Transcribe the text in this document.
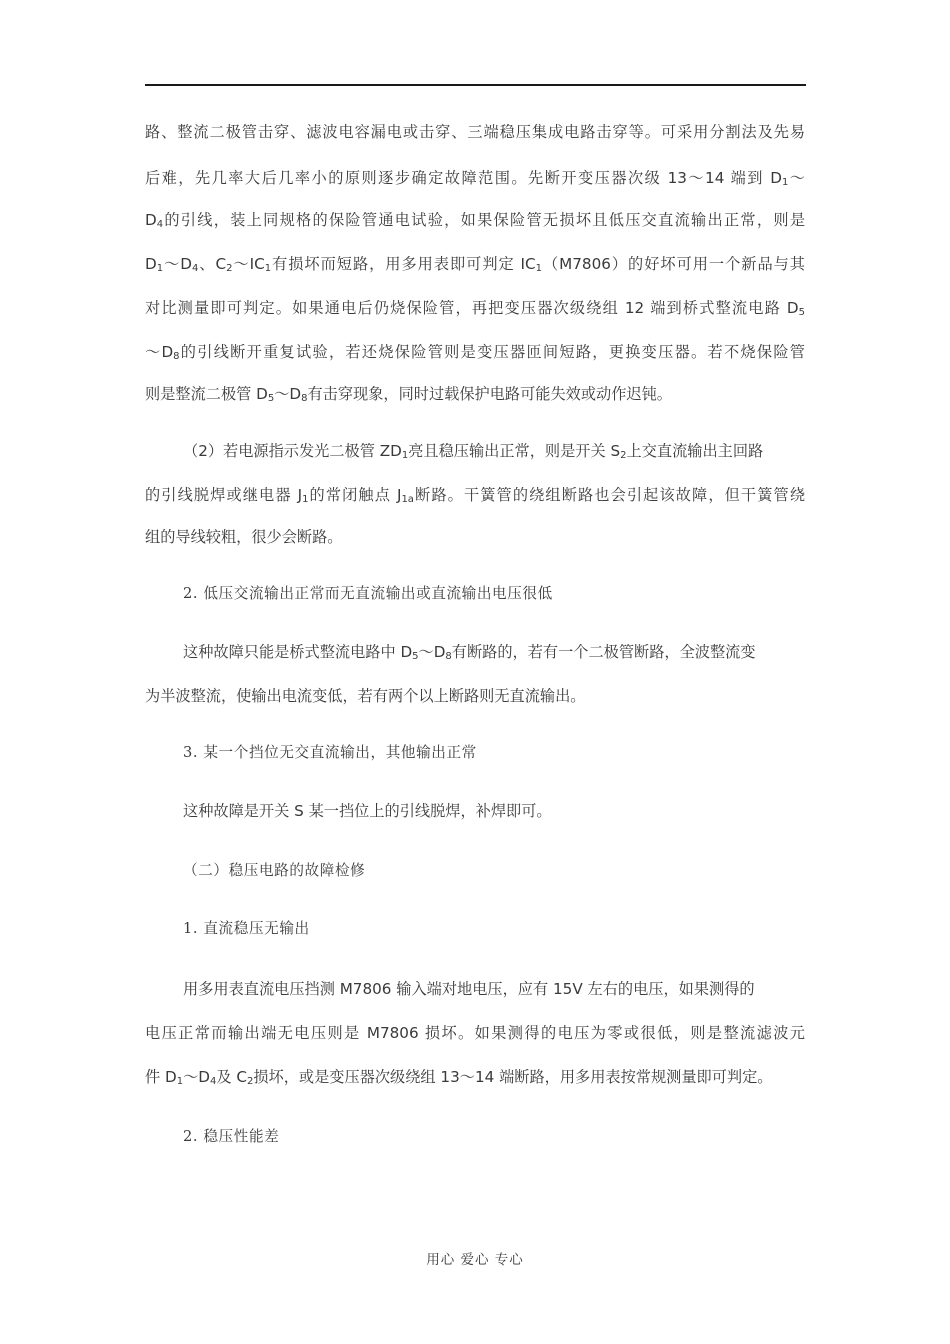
路、整流二极管击穿、滤波电容漏电或击穿、三端稳压集成电路击穿等。可采用分割法及先易
后难，先几率大后几率小的原则逐步确定故障范围。先断开变压器次级 13～14 端到 $D_1\sim$
$D_4$的引线，装上同规格的保险管通电试验，如果保险管无损坏且低压交直流输出正常，则是
$D_1\sim D_4$、$C_2\sim IC_1$有损坏而短路，用多用表即可判定 $IC_1(M7806)$的好坏可用一个新品与其
对比测量即可判定。如果通电后仍烧保险管，再把变压器次级绕组 12 端到桥式整流电路 $D_5$
$\sim D_8$的引线断开重复试验，若还烧保险管则是变压器匝间短路，更换变压器。若不烧保险管
则是整流二极管 $D_5\sim D_8$有击穿现象，同时过载保护电路可能失效或动作迟钝。
（2）若电源指示发光二极管 $ZD_1$亮且稳压输出正常，则是开关 $S_2$上交直流输出主回路
的引线脱焊或继电器 $J_1$的常闭触点 $J_{1a}$断路。干簧管的绕组断路也会引起该故障，但干簧管绕
组的导线较粗，很少会断路。
2. 低压交流输出正常而无直流输出或直流输出电压很低
这种故障只能是桥式整流电路中 $D_5\sim D_8$有断路的，若有一个二极管断路，全波整流变
为半波整流，使输出电流变低，若有两个以上断路则无直流输出。
3. 某一个挡位无交直流输出，其他输出正常
这种故障是开关 S 某一挡位上的引线脱焊，补焊即可。
（二）稳压电路的故障检修
1. 直流稳压无输出
用多用表直流电压挡测 M7806 输入端对地电压，应有 15V 左右的电压，如果测得的
电压正常而输出端无电压则是 M7806 损坏。如果测得的电压为零或很低，则是整流滤波元
件 $D_1\sim D_4$及 $C_2$损坏，或是变压器次级绕组 13～14 端断路，用多用表按常规测量即可判定。
2. 稳压性能差
用心 爱心 专心
